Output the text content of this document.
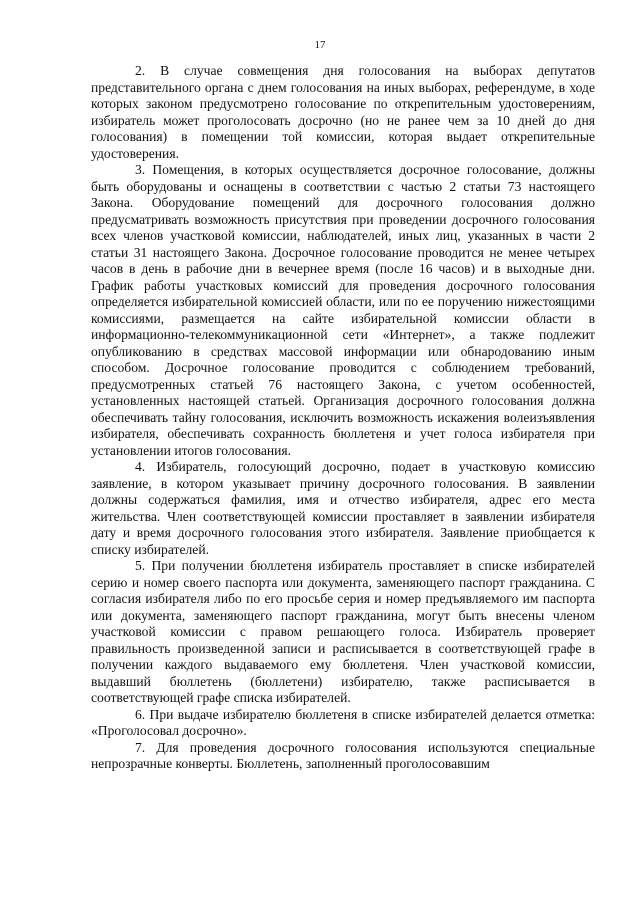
17

2. В случае совмещения дня голосования на выборах депутатов представительного органа с днем голосования на иных выборах, референдуме, в ходе которых законом предусмотрено голосование по открепительным удостоверениям, избиратель может проголосовать досрочно (но не ранее чем за 10 дней до дня голосования) в помещении той комиссии, которая выдает открепительные удостоверения.

3. Помещения, в которых осуществляется досрочное голосование, должны быть оборудованы и оснащены в соответствии с частью 2 статьи 73 настоящего Закона. Оборудование помещений для досрочного голосования должно предусматривать возможность присутствия при проведении досрочного голосования всех членов участковой комиссии, наблюдателей, иных лиц, указанных в части 2 статьи 31 настоящего Закона. Досрочное голосование проводится не менее четырех часов в день в рабочие дни в вечернее время (после 16 часов) и в выходные дни. График работы участковых комиссий для проведения досрочного голосования определяется избирательной комиссией области, или по ее поручению нижестоящими комиссиями, размещается на сайте избирательной комиссии области в информационно-телекоммуникационной сети «Интернет», а также подлежит опубликованию в средствах массовой информации или обнародованию иным способом. Досрочное голосование проводится с соблюдением требований, предусмотренных статьей 76 настоящего Закона, с учетом особенностей, установленных настоящей статьей. Организация досрочного голосования должна обеспечивать тайну голосования, исключить возможность искажения волеизъявления избирателя, обеспечивать сохранность бюллетеня и учет голоса избирателя при установлении итогов голосования.

4. Избиратель, голосующий досрочно, подает в участковую комиссию заявление, в котором указывает причину досрочного голосования. В заявлении должны содержаться фамилия, имя и отчество избирателя, адрес его места жительства. Член соответствующей комиссии проставляет в заявлении избирателя дату и время досрочного голосования этого избирателя. Заявление приобщается к списку избирателей.

5. При получении бюллетеня избиратель проставляет в списке избирателей серию и номер своего паспорта или документа, заменяющего паспорт гражданина. С согласия избирателя либо по его просьбе серия и номер предъявляемого им паспорта или документа, заменяющего паспорт гражданина, могут быть внесены членом участковой комиссии с правом решающего голоса. Избиратель проверяет правильность произведенной записи и расписывается в соответствующей графе в получении каждого выдаваемого ему бюллетеня. Член участковой комиссии, выдавший бюллетень (бюллетени) избирателю, также расписывается в соответствующей графе списка избирателей.

6. При выдаче избирателю бюллетеня в списке избирателей делается отметка: «Проголосовал досрочно».

7. Для проведения досрочного голосования используются специальные непрозрачные конверты. Бюллетень, заполненный проголосовавшим
